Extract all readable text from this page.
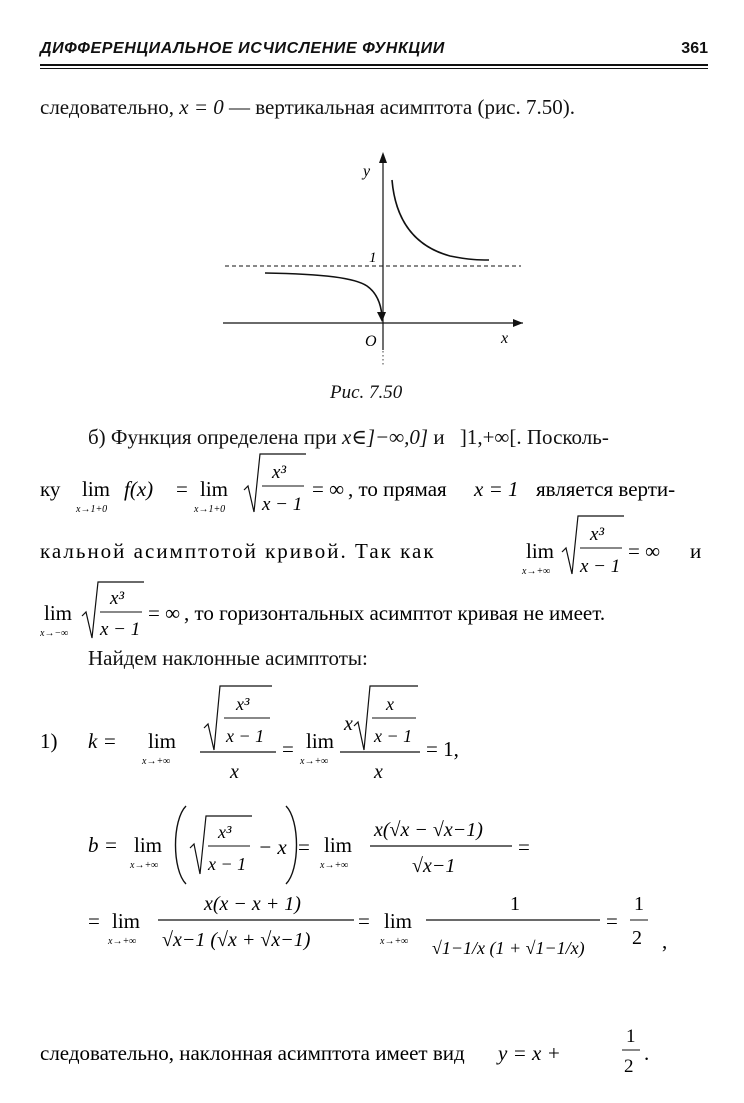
ДИФФЕРЕНЦИАЛЬНОЕ ИСЧИСЛЕНИЕ ФУНКЦИИ	361
следовательно, x = 0 — вертикальная асимптота (рис. 7.50).
y
1
O	x
Рис. 7.50
б) Функция определена при x∈]−∞,0] и ]1,+∞[. Посколь-
ку lim
x→1+0
f(x) = lim
x→1+0
x³
x − 1
= ∞ , то прямая x = 1 является верти-
кальной асимптотой кривой. Так как	lim
x→+∞
x³
x − 1
= ∞ и
lim
x→−∞
x³
x − 1
= ∞ , то горизонтальных асимптот кривая не имеет.
Найдем наклонные асимптоты:
1) k = lim
x→+∞
x³
x − 1
x
= lim
x→+∞
x
x
x − 1
x
= 1,
b = lim
x→+∞
x³
x − 1
− x = lim
x→+∞
x(√x − √x−1)
√x−1
=
= lim
x→+∞
x(x − x + 1)
√x−1 (√x + √x−1)
= lim
x→+∞
1
√1−1/x (1 + √1−1/x)
=
1
2 ,
следовательно, наклонная асимптота имеет вид y = x +
1
2
.
